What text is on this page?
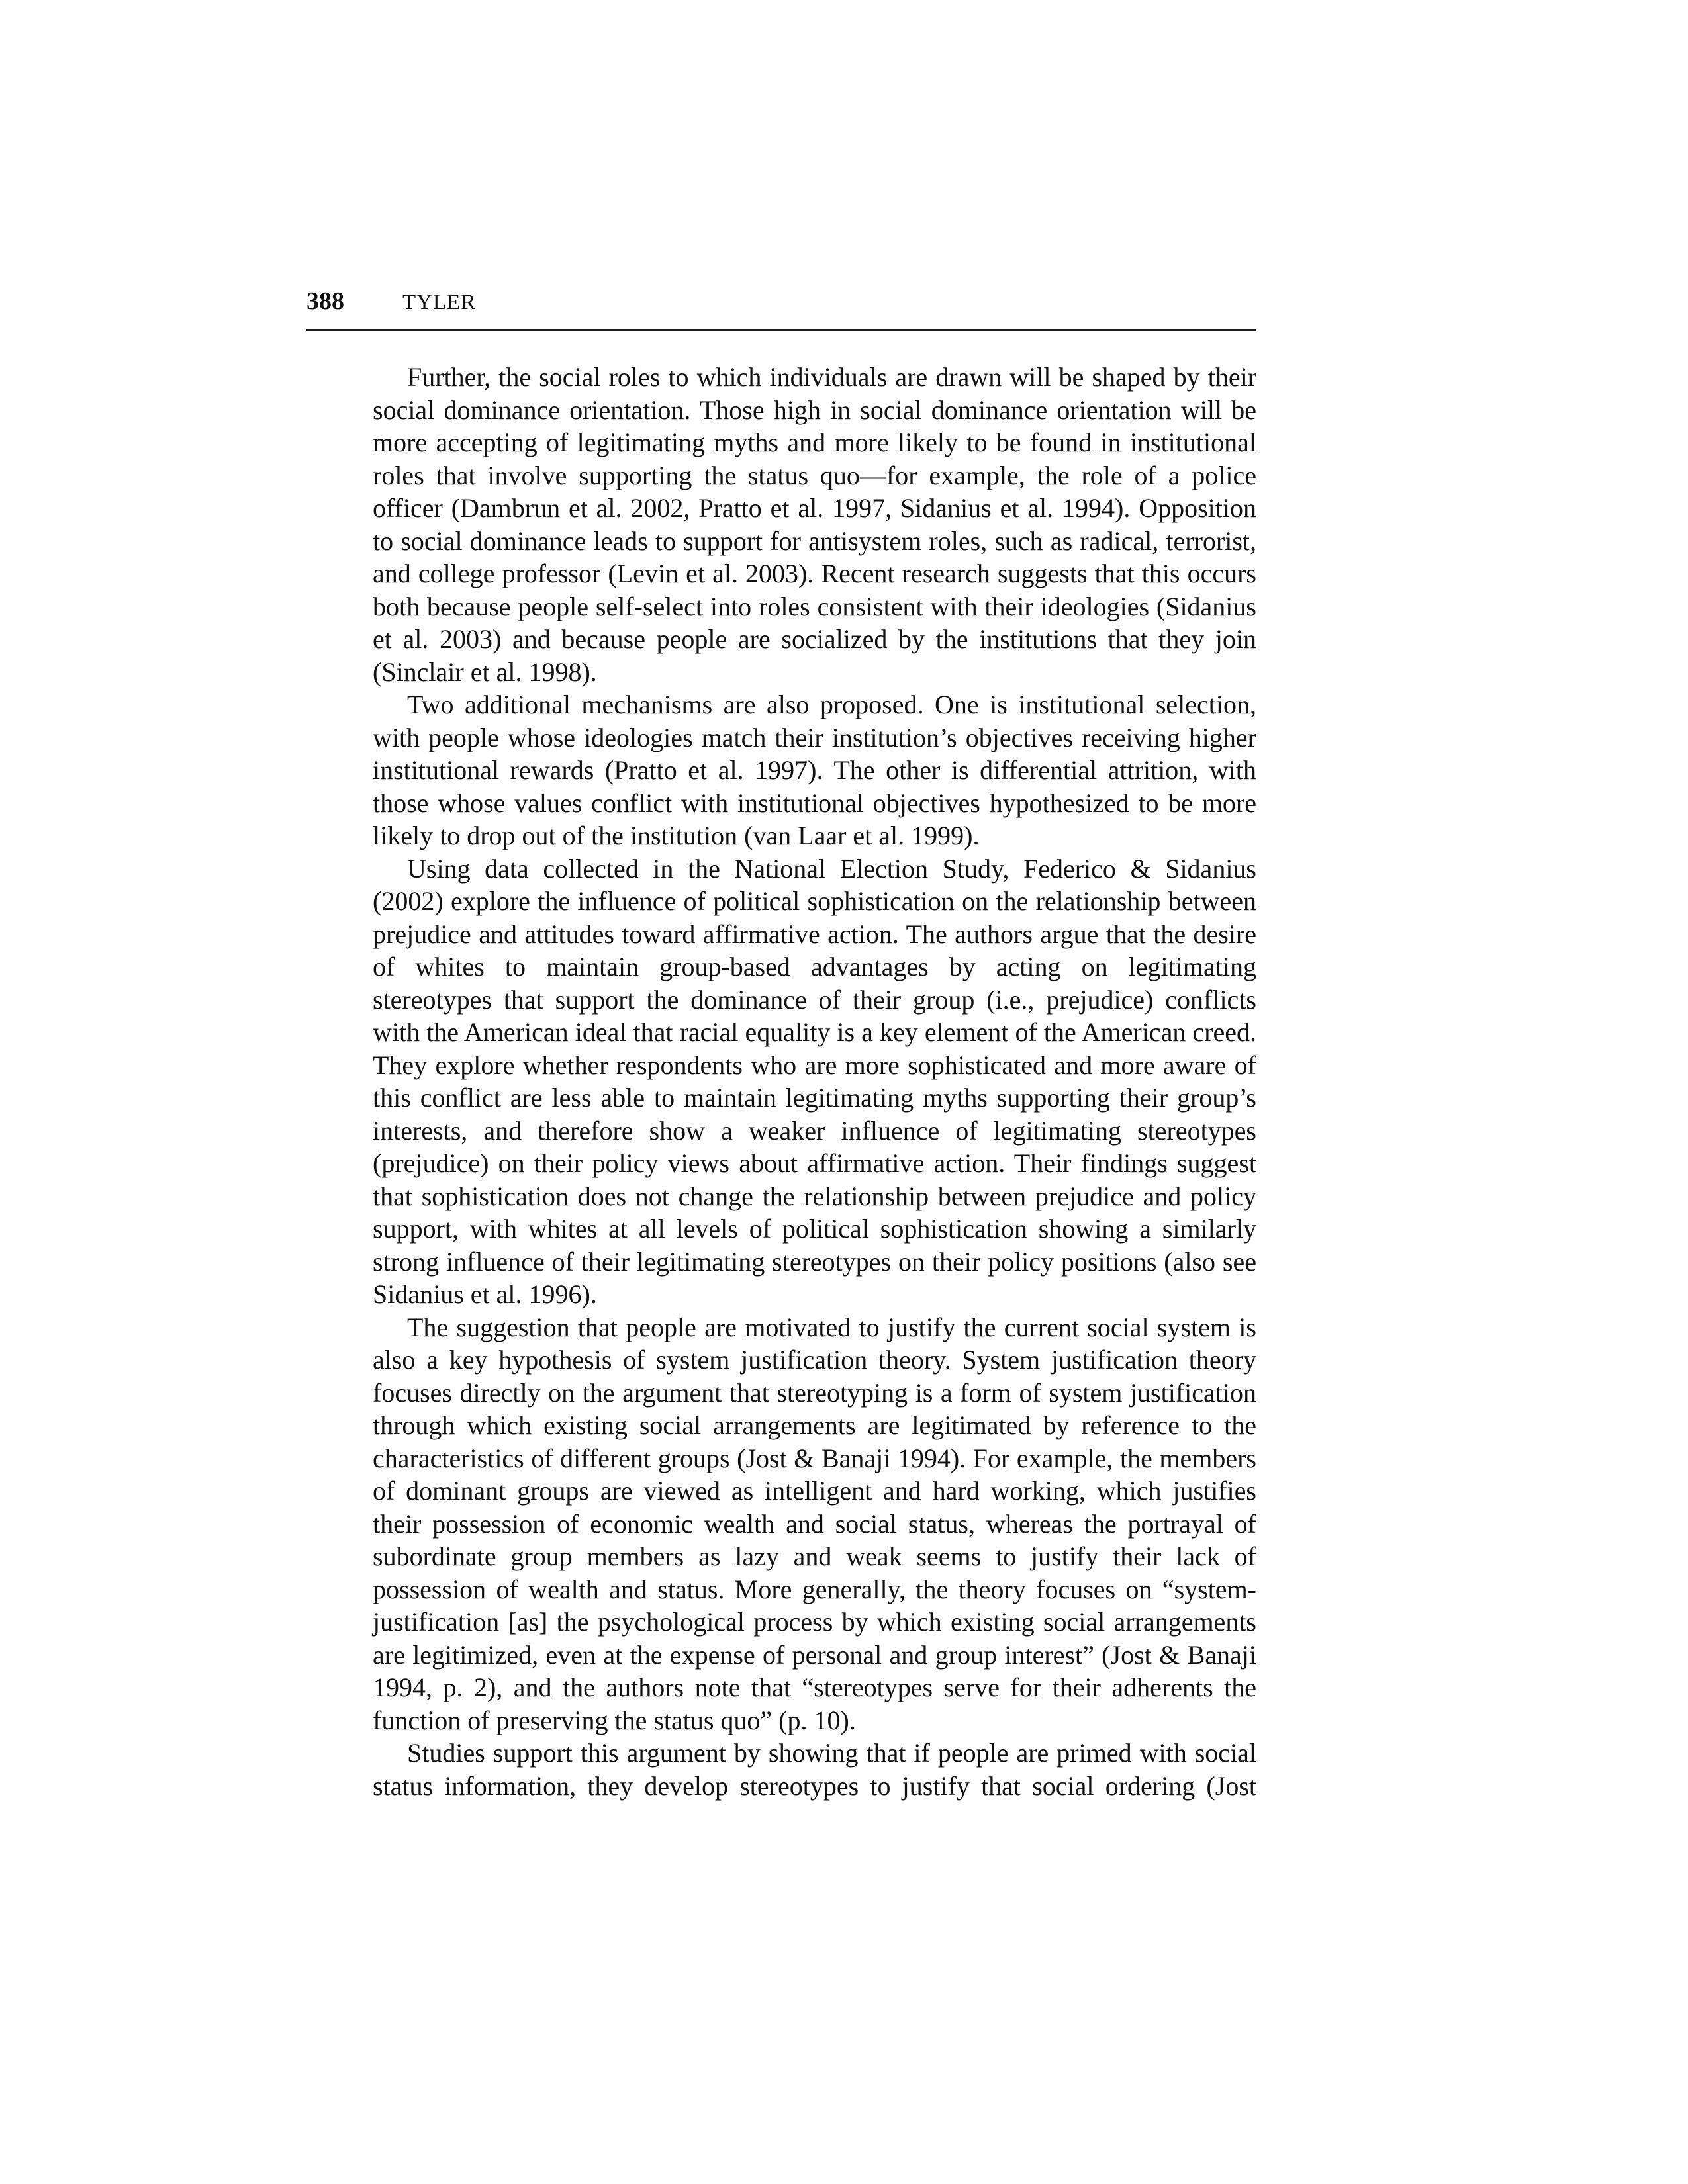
388	TYLER

Further, the social roles to which individuals are drawn will be shaped by their social dominance orientation. Those high in social dominance orientation will be more accepting of legitimating myths and more likely to be found in institutional roles that involve supporting the status quo—for example, the role of a police officer (Dambrun et al. 2002, Pratto et al. 1997, Sidanius et al. 1994). Opposition to social dominance leads to support for antisystem roles, such as radical, terrorist, and college professor (Levin et al. 2003). Recent research suggests that this occurs both because people self-select into roles consistent with their ideologies (Sidanius et al. 2003) and because people are socialized by the institutions that they join (Sinclair et al. 1998).

Two additional mechanisms are also proposed. One is institutional selection, with people whose ideologies match their institution’s objectives receiving higher institutional rewards (Pratto et al. 1997). The other is differential attrition, with those whose values conflict with institutional objectives hypothesized to be more likely to drop out of the institution (van Laar et al. 1999).

Using data collected in the National Election Study, Federico & Sidanius (2002) explore the influence of political sophistication on the relationship between prejudice and attitudes toward affirmative action. The authors argue that the desire of whites to maintain group-based advantages by acting on legitimating stereotypes that support the dominance of their group (i.e., prejudice) conflicts with the American ideal that racial equality is a key element of the American creed. They explore whether respondents who are more sophisticated and more aware of this conflict are less able to maintain legitimating myths supporting their group’s interests, and therefore show a weaker influence of legitimating stereotypes (prejudice) on their policy views about affirmative action. Their findings suggest that sophistication does not change the relationship between prejudice and policy support, with whites at all levels of political sophistication showing a similarly strong influence of their legitimating stereotypes on their policy positions (also see Sidanius et al. 1996).

The suggestion that people are motivated to justify the current social system is also a key hypothesis of system justification theory. System justification theory focuses directly on the argument that stereotyping is a form of system justification through which existing social arrangements are legitimated by reference to the characteristics of different groups (Jost & Banaji 1994). For example, the members of dominant groups are viewed as intelligent and hard working, which justifies their possession of economic wealth and social status, whereas the portrayal of subordinate group members as lazy and weak seems to justify their lack of possession of wealth and status. More generally, the theory focuses on “system-justification [as] the psychological process by which existing social arrangements are legitimized, even at the expense of personal and group interest” (Jost & Banaji 1994, p. 2), and the authors note that “stereotypes serve for their adherents the function of preserving the status quo” (p. 10).

Studies support this argument by showing that if people are primed with social status information, they develop stereotypes to justify that social ordering (Jost
